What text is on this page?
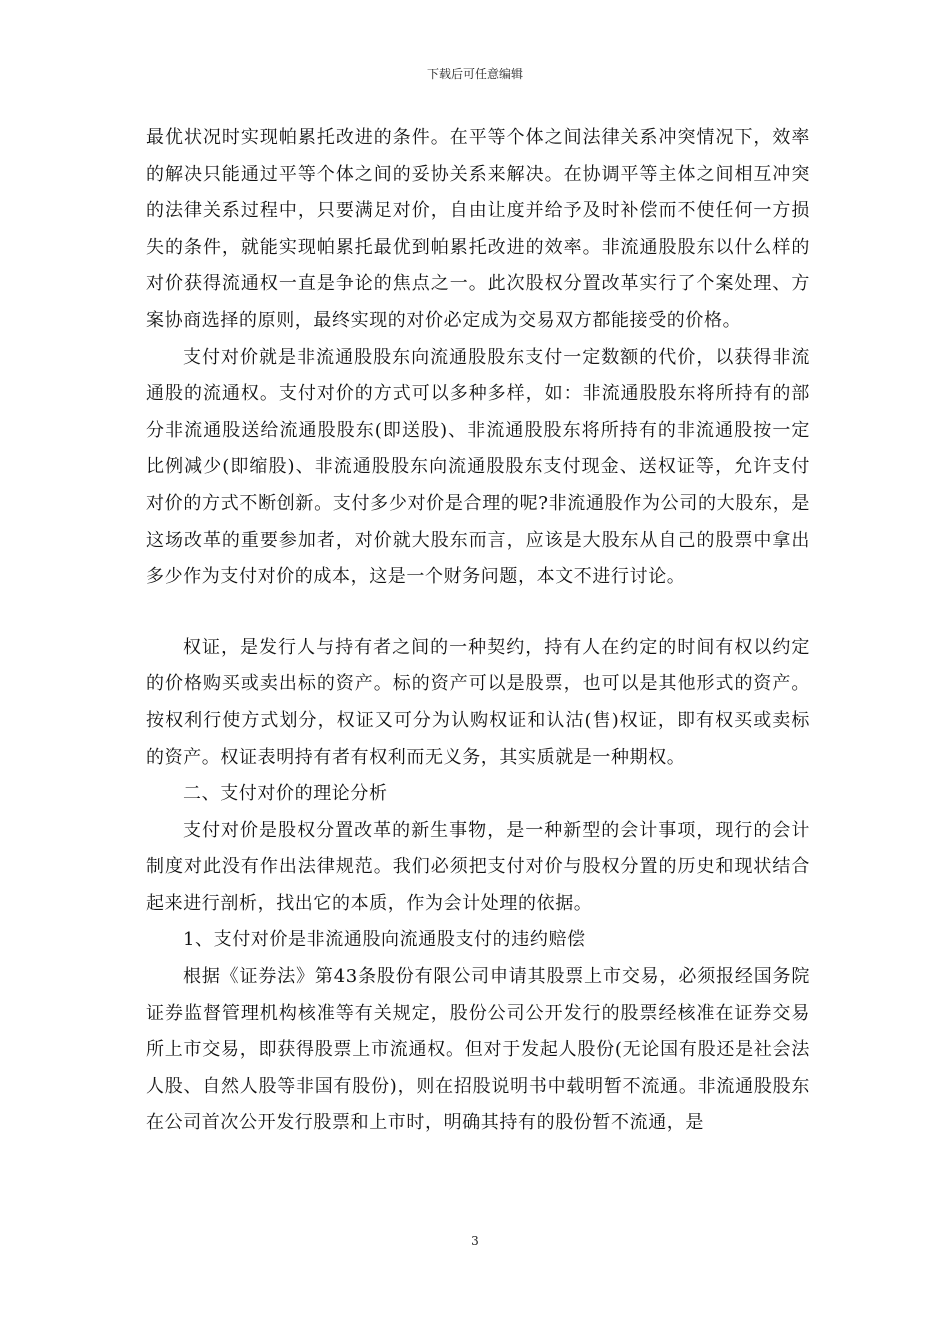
下载后可任意编辑

最优状况时实现帕累托改进的条件。在平等个体之间法律关系冲突情况下，效率的解决只能通过平等个体之间的妥协关系来解决。在协调平等主体之间相互冲突的法律关系过程中，只要满足对价，自由让度并给予及时补偿而不使任何一方损失的条件，就能实现帕累托最优到帕累托改进的效率。非流通股股东以什么样的对价获得流通权一直是争论的焦点之一。此次股权分置改革实行了个案处理、方案协商选择的原则，最终实现的对价必定成为交易双方都能接受的价格。

支付对价就是非流通股股东向流通股股东支付一定数额的代价，以获得非流通股的流通权。支付对价的方式可以多种多样，如：非流通股股东将所持有的部分非流通股送给流通股股东(即送股)、非流通股股东将所持有的非流通股按一定比例减少(即缩股)、非流通股股东向流通股股东支付现金、送权证等，允许支付对价的方式不断创新。支付多少对价是合理的呢?非流通股作为公司的大股东，是这场改革的重要参加者，对价就大股东而言，应该是大股东从自己的股票中拿出多少作为支付对价的成本，这是一个财务问题，本文不进行讨论。

权证，是发行人与持有者之间的一种契约，持有人在约定的时间有权以约定的价格购买或卖出标的资产。标的资产可以是股票，也可以是其他形式的资产。按权利行使方式划分，权证又可分为认购权证和认沽(售)权证，即有权买或卖标的资产。权证表明持有者有权利而无义务，其实质就是一种期权。

二、支付对价的理论分析

支付对价是股权分置改革的新生事物，是一种新型的会计事项，现行的会计制度对此没有作出法律规范。我们必须把支付对价与股权分置的历史和现状结合起来进行剖析，找出它的本质，作为会计处理的依据。

1、支付对价是非流通股向流通股支付的违约赔偿

根据《证券法》第43条股份有限公司申请其股票上市交易，必须报经国务院证券监督管理机构核准等有关规定，股份公司公开发行的股票经核准在证券交易所上市交易，即获得股票上市流通权。但对于发起人股份(无论国有股还是社会法人股、自然人股等非国有股份)，则在招股说明书中载明暂不流通。非流通股股东在公司首次公开发行股票和上市时，明确其持有的股份暂不流通，是

3
